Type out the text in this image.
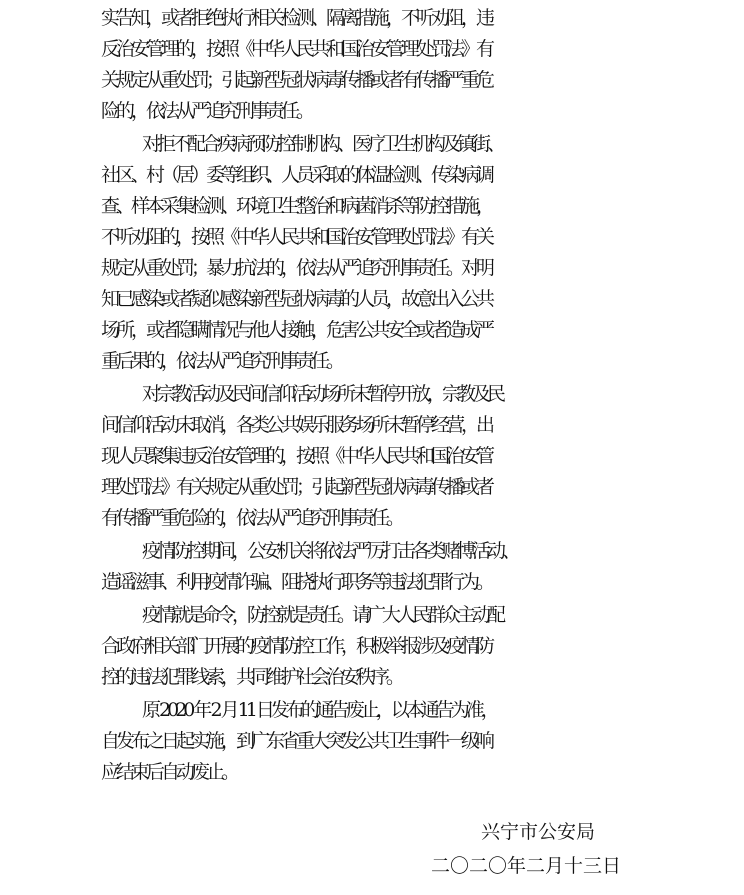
实告知，或者拒绝执行相关检测、隔离措施，不听劝阻，违
反治安管理的，按照《中华人民共和国治安管理处罚法》有
关规定从重处罚；引起新型冠状病毒传播或者有传播严重危
险的，依法从严追究刑事责任。
对拒不配合疾病预防控制机构、医疗卫生机构及镇街、
社区、村（居）委等组织、人员采取的体温检测、传染病调
查、样本采集检测、环境卫生整治和病菌消杀等防控措施，
不听劝阻的，按照《中华人民共和国治安管理处罚法》有关
规定从重处罚；暴力抗法的，依法从严追究刑事责任。对明
知已感染或者疑似感染新型冠状病毒的人员，故意出入公共
场所，或者隐瞒情况与他人接触，危害公共安全或者造成严
重后果的，依法从严追究刑事责任。
对宗教活动及民间信仰活动场所未暂停开放，宗教及民
间信仰活动未取消，各类公共娱乐服务场所未暂停经营，出
现人员聚集违反治安管理的，按照《中华人民共和国治安管
理处罚法》有关规定从重处罚；引起新型冠状病毒传播或者
有传播严重危险的，依法从严追究刑事责任。
疫情防控期间，公安机关将依法严厉打击各类赌博活动、
造谣滋事、利用疫情诈骗、阻挠执行职务等违法犯罪行为。
疫情就是命令，防控就是责任。请广大人民群众主动配
合政府相关部门开展的疫情防控工作，积极举报涉及疫情防
控的违法犯罪线索，共同维护社会治安秩序。
原 2020 年 2 月 11 日发布的通告废止，以本通告为准，
自发布之日起实施，到广东省重大突发公共卫生事件一级响
应结束后自动废止。
兴宁市公安局
二〇二〇年二月十三日
